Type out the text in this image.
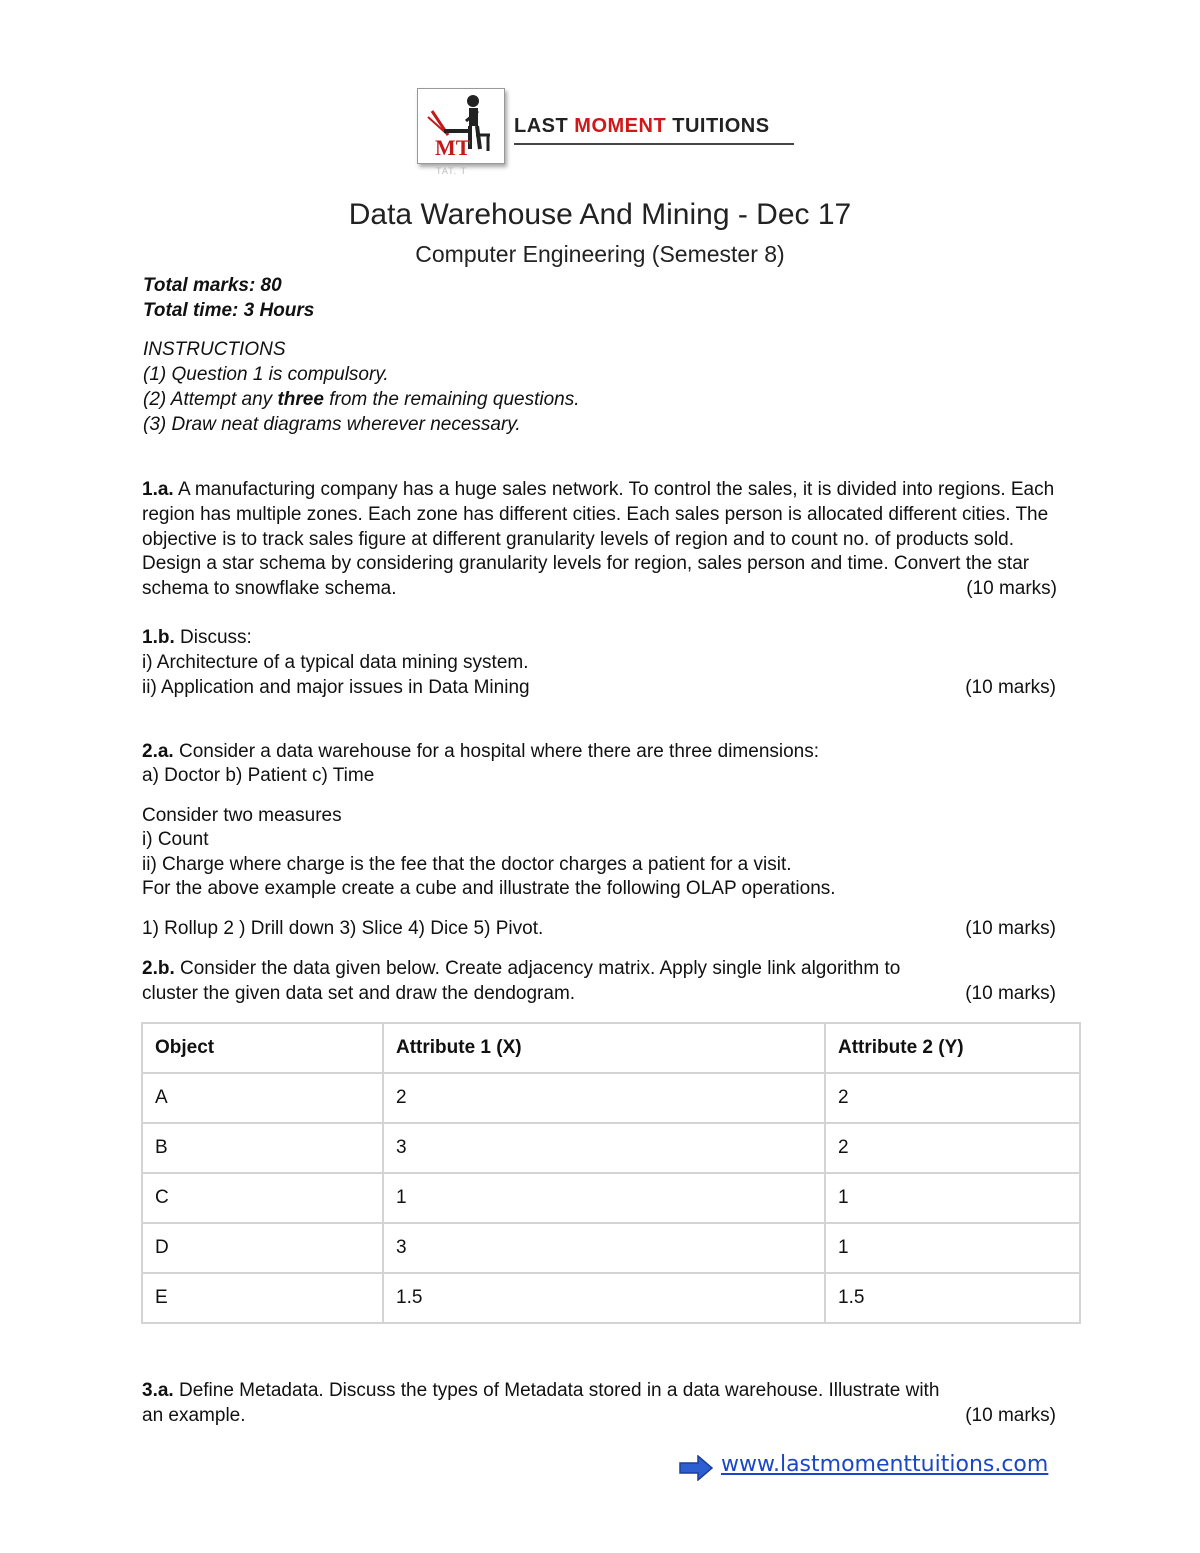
MT
TAT. T
LAST MOMENT TUITIONS
Data Warehouse And Mining - Dec 17
Computer Engineering (Semester 8)
Total marks: 80
Total time: 3 Hours
INSTRUCTIONS
(1) Question 1 is compulsory.
(2) Attempt any three from the remaining questions.
(3) Draw neat diagrams wherever necessary.
1.a. A manufacturing company has a huge sales network. To control the sales, it is divided into regions. Each region has multiple zones. Each zone has different cities. Each sales person is allocated different cities. The objective is to track sales figure at different granularity levels of region and to count no. of products sold. Design a star schema by considering granularity levels for region, sales person and time. Convert the star schema to snowflake schema.	(10 marks)
1.b. Discuss:
i) Architecture of a typical data mining system.
ii) Application and major issues in Data Mining	(10 marks)
2.a. Consider a data warehouse for a hospital where there are three dimensions:
a) Doctor b) Patient c) Time
Consider two measures
i) Count
ii) Charge where charge is the fee that the doctor charges a patient for a visit.
For the above example create a cube and illustrate the following OLAP operations.
1) Rollup 2 ) Drill down 3) Slice 4) Dice 5) Pivot.	(10 marks)
2.b. Consider the data given below. Create adjacency matrix. Apply single link algorithm to
cluster the given data set and draw the dendogram.	(10 marks)
Object	Attribute 1 (X)	Attribute 2 (Y)
A	2	2
B	3	2
C	1	1
D	3	1
E	1.5	1.5
3.a. Define Metadata. Discuss the types of Metadata stored in a data warehouse. Illustrate with
an example.	(10 marks)
www.lastmomenttuitions.com
